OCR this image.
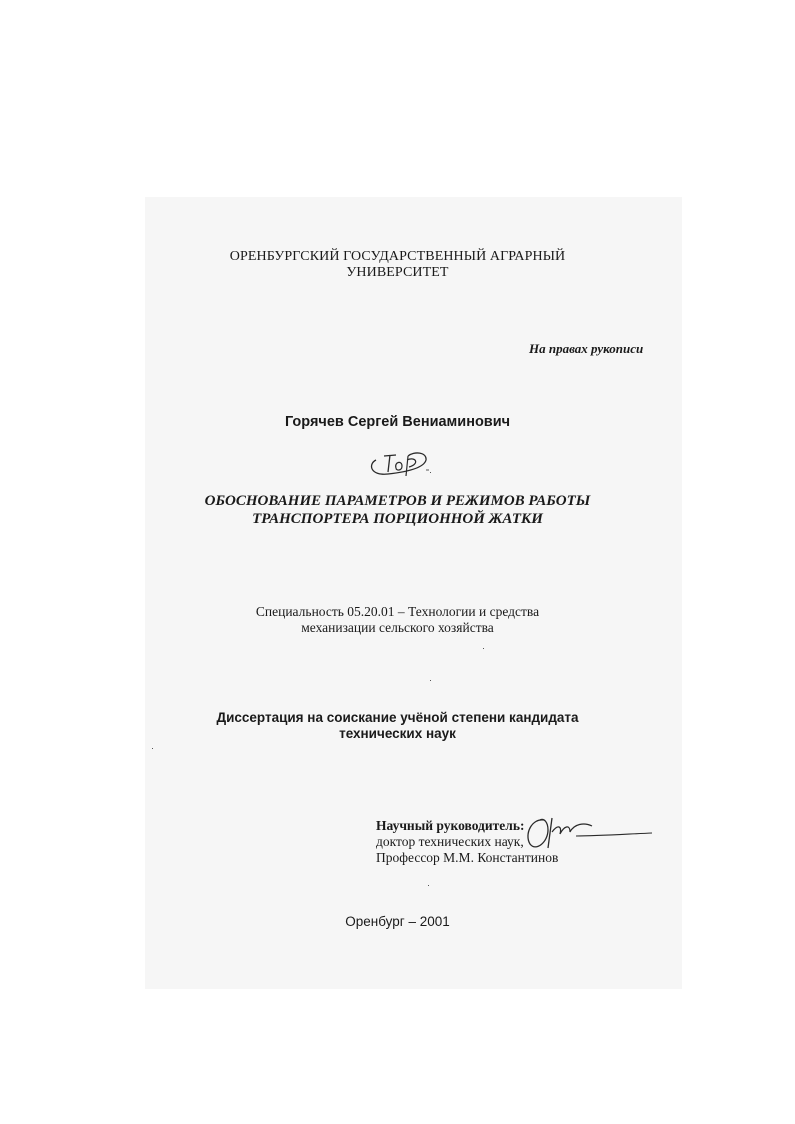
ОРЕНБУРГСКИЙ ГОСУДАРСТВЕННЫЙ АГРАРНЫЙ
УНИВЕРСИТЕТ
На правах рукописи
Горячев Сергей Вениаминович
ОБОСНОВАНИЕ ПАРАМЕТРОВ И РЕЖИМОВ РАБОТЫ
ТРАНСПОРТЕРА ПОРЦИОННОЙ ЖАТКИ
Специальность 05.20.01 – Технологии и средства
механизации сельского хозяйства
Диссертация на соискание учёной степени кандидата
технических наук
Научный руководитель:
доктор технических наук,
Профессор М.М. Константинов
Оренбург – 2001
